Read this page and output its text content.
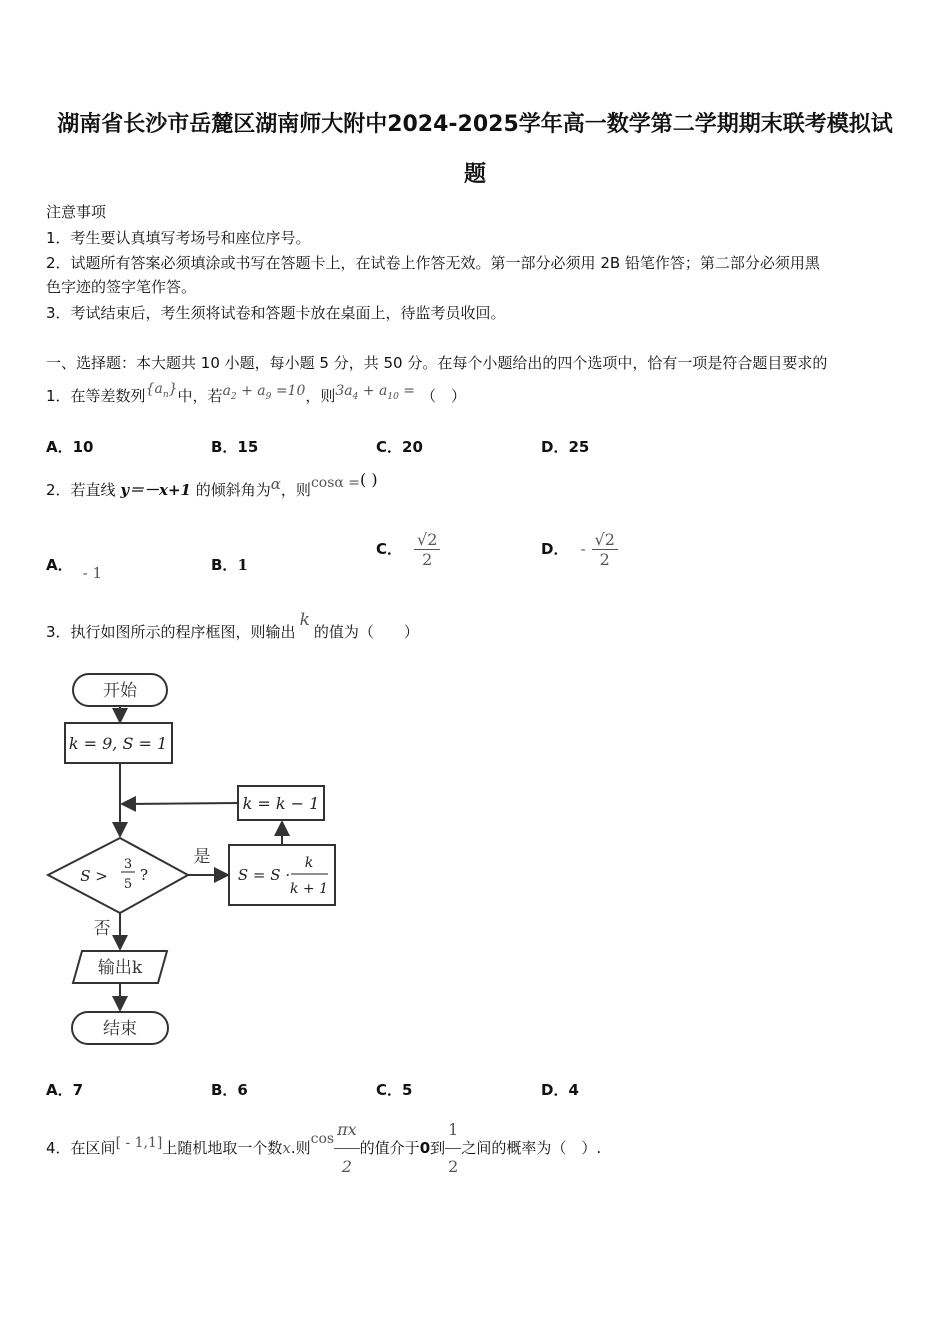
湖南省长沙市岳麓区湖南师大附中2024-2025学年高一数学第二学期期末联考模拟试
题
注意事项
1．考生要认真填写考场号和座位序号。
2．试题所有答案必须填涂或书写在答题卡上，在试卷上作答无效。第一部分必须用 2B 铅笔作答；第二部分必须用黑
色字迹的签字笔作答。
3．考试结束后，考生须将试卷和答题卡放在桌面上，待监考员收回。
一、选择题：本大题共 10 小题，每小题 5 分，共 50 分。在每个小题给出的四个选项中，恰有一项是符合题目要求的
1．在等差数列$\{a_n\}$中，若$a_2 + a_9 =10$，则$3a_4 + a_{10}$ = （　）
A．10	B．15	C．20	D．25
2．若直线 y＝－x+1 的倾斜角为α，则cosα =( )
A． - 1	B．1
C． $\frac{√2}{2}$	D． - $\frac{√2}{2}$
3．执行如图所示的程序框图，则输出k的值为（　　）
开始
k = 9, S = 1
k = k − 1
S >
3
5
?
是
S = S ·
k
k + 1
否
输出k
结束
A．7	B．6	C．5	D．4
4．在区间[ - 1,1]上随机地取一个数x.则$\cos \frac{\pi x}{2}$ 的值介于0到 $\frac{1}{2}$ 之间的概率为（　）.
